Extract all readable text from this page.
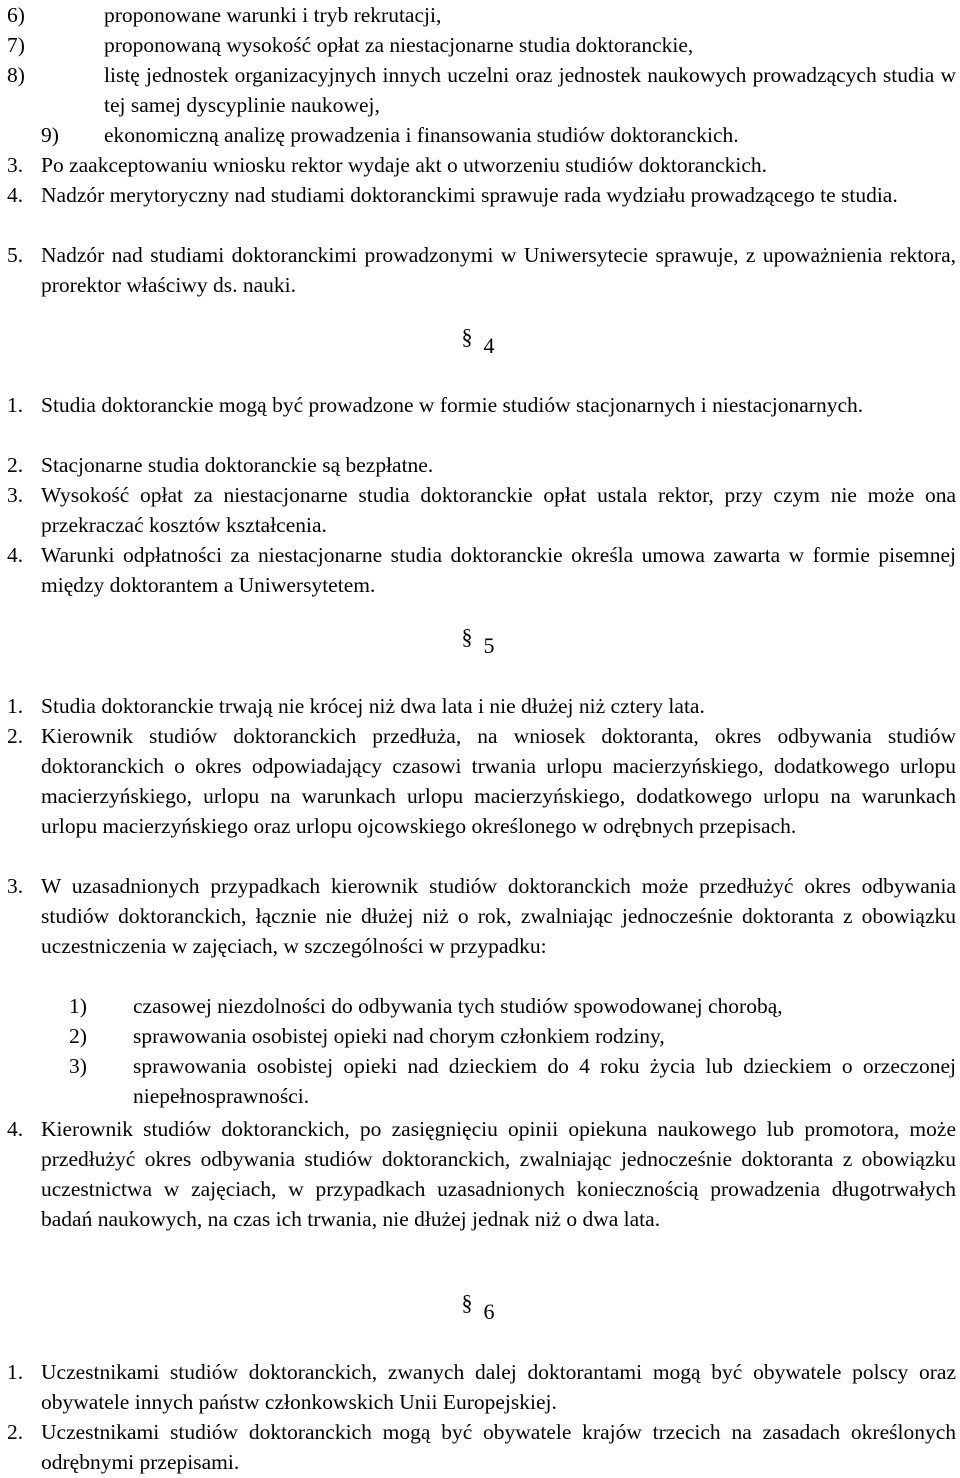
6)	proponowane warunki i tryb rekrutacji,
7)	proponowaną wysokość opłat za niestacjonarne studia doktoranckie,
8)	listę jednostek organizacyjnych innych uczelni oraz jednostek naukowych prowadzących studia w tej samej dyscyplinie naukowej,
9) ekonomiczną analizę prowadzenia i finansowania studiów doktoranckich.
3. Po zaakceptowaniu wniosku rektor wydaje akt o utworzeniu studiów doktoranckich.
4. Nadzór merytoryczny nad studiami doktoranckimi sprawuje rada wydziału prowadzącego te studia.
5. Nadzór nad studiami doktoranckimi prowadzonymi w Uniwersytecie sprawuje, z upoważnienia rektora, prorektor właściwy ds. nauki.
§ 4
1. Studia doktoranckie mogą być prowadzone w formie studiów stacjonarnych i niestacjonarnych.
2. Stacjonarne studia doktoranckie są bezpłatne.
3. Wysokość opłat za niestacjonarne studia doktoranckie opłat ustala rektor, przy czym nie może ona przekraczać kosztów kształcenia.
4. Warunki odpłatności za niestacjonarne studia doktoranckie określa umowa zawarta w formie pisemnej między doktorantem a Uniwersytetem.
§ 5
1. Studia doktoranckie trwają nie krócej niż dwa lata i nie dłużej niż cztery lata.
2. Kierownik studiów doktoranckich przedłuża, na wniosek doktoranta, okres odbywania studiów doktoranckich o okres odpowiadający czasowi trwania urlopu macierzyńskiego, dodatkowego urlopu macierzyńskiego, urlopu na warunkach urlopu macierzyńskiego, dodatkowego urlopu na warunkach urlopu macierzyńskiego oraz urlopu ojcowskiego określonego w odrębnych przepisach.
3. W uzasadnionych przypadkach kierownik studiów doktoranckich może przedłużyć okres odbywania studiów doktoranckich, łącznie nie dłużej niż o rok, zwalniając jednocześnie doktoranta z obowiązku uczestniczenia w zajęciach, w szczególności w przypadku:
1) czasowej niezdolności do odbywania tych studiów spowodowanej chorobą,
2) sprawowania osobistej opieki nad chorym członkiem rodziny,
3) sprawowania osobistej opieki nad dzieckiem do 4 roku życia lub dzieckiem o orzeczonej niepełnosprawności.
4. Kierownik studiów doktoranckich, po zasięgnięciu opinii opiekuna naukowego lub promotora, może przedłużyć okres odbywania studiów doktoranckich, zwalniając jednocześnie doktoranta z obowiązku uczestnictwa w zajęciach, w przypadkach uzasadnionych koniecznością prowadzenia długotrwałych badań naukowych, na czas ich trwania, nie dłużej jednak niż o dwa lata.
§ 6
1. Uczestnikami studiów doktoranckich, zwanych dalej doktorantami mogą być obywatele polscy oraz obywatele innych państw członkowskich Unii Europejskiej.
2. Uczestnikami studiów doktoranckich mogą być obywatele krajów trzecich na zasadach określonych odrębnymi przepisami.
